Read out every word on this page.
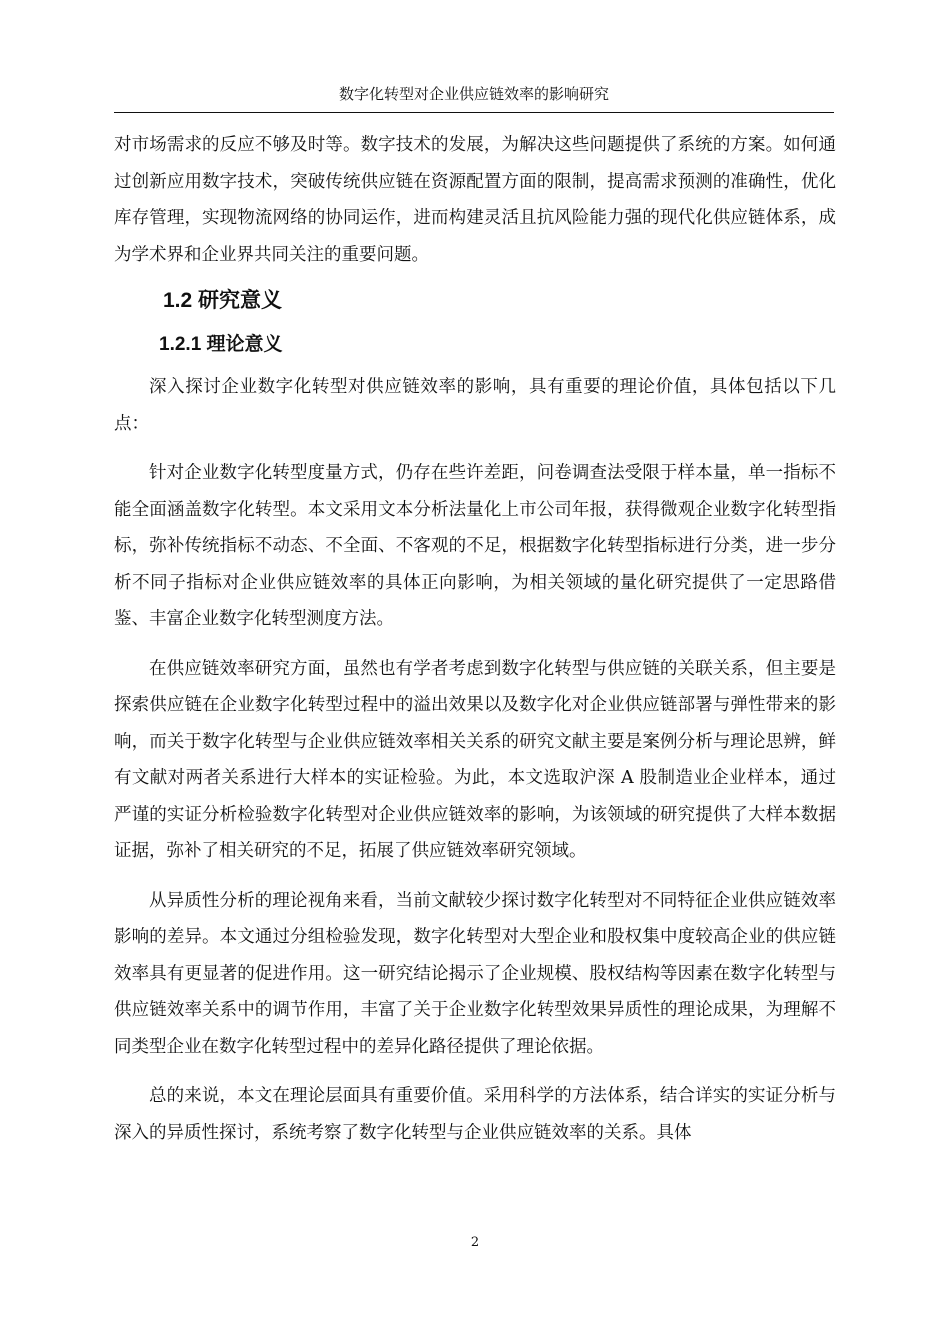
数字化转型对企业供应链效率的影响研究

对市场需求的反应不够及时等。数字技术的发展，为解决这些问题提供了系统的方案。如何通过创新应用数字技术，突破传统供应链在资源配置方面的限制，提高需求预测的准确性，优化库存管理，实现物流网络的协同运作，进而构建灵活且抗风险能力强的现代化供应链体系，成为学术界和企业界共同关注的重要问题。

1.2 研究意义
1.2.1 理论意义

深入探讨企业数字化转型对供应链效率的影响，具有重要的理论价值，具体包括以下几点：

针对企业数字化转型度量方式，仍存在些许差距，问卷调查法受限于样本量，单一指标不能全面涵盖数字化转型。本文采用文本分析法量化上市公司年报，获得微观企业数字化转型指标，弥补传统指标不动态、不全面、不客观的不足，根据数字化转型指标进行分类，进一步分析不同子指标对企业供应链效率的具体正向影响，为相关领域的量化研究提供了一定思路借鉴、丰富企业数字化转型测度方法。

在供应链效率研究方面，虽然也有学者考虑到数字化转型与供应链的关联关系，但主要是探索供应链在企业数字化转型过程中的溢出效果以及数字化对企业供应链部署与弹性带来的影响，而关于数字化转型与企业供应链效率相关关系的研究文献主要是案例分析与理论思辨，鲜有文献对两者关系进行大样本的实证检验。为此，本文选取沪深 A 股制造业企业样本，通过严谨的实证分析检验数字化转型对企业供应链效率的影响，为该领域的研究提供了大样本数据证据，弥补了相关研究的不足，拓展了供应链效率研究领域。

从异质性分析的理论视角来看，当前文献较少探讨数字化转型对不同特征企业供应链效率影响的差异。本文通过分组检验发现，数字化转型对大型企业和股权集中度较高企业的供应链效率具有更显著的促进作用。这一研究结论揭示了企业规模、股权结构等因素在数字化转型与供应链效率关系中的调节作用，丰富了关于企业数字化转型效果异质性的理论成果，为理解不同类型企业在数字化转型过程中的差异化路径提供了理论依据。

总的来说，本文在理论层面具有重要价值。采用科学的方法体系，结合详实的实证分析与深入的异质性探讨，系统考察了数字化转型与企业供应链效率的关系。具体

2
